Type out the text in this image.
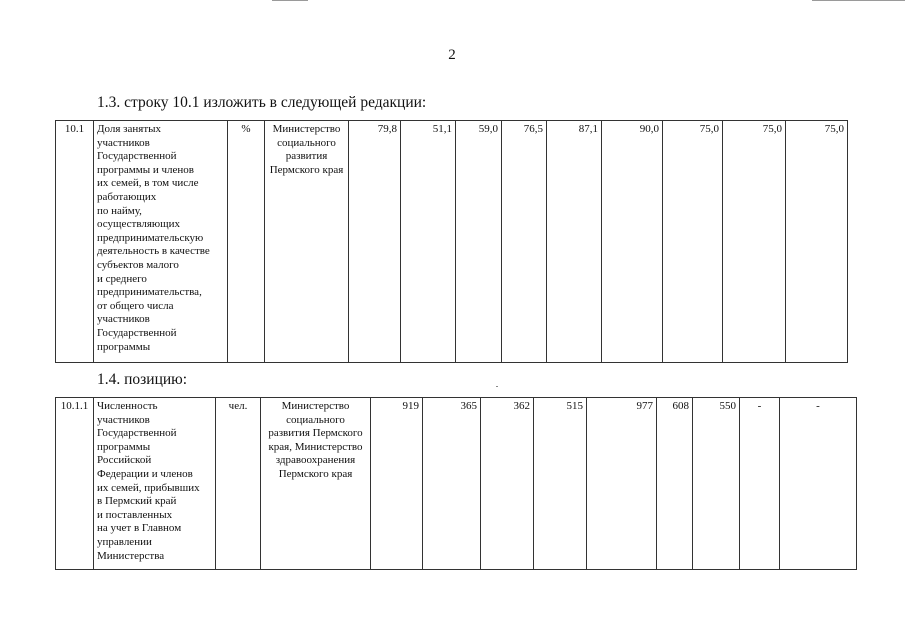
2
1.3. строку 10.1 изложить в следующей редакции:
10.1	Доля занятых
участников
Государственной
программы и членов
их семей, в том числе
работающих
по найму,
осуществляющих
предпринимательскую
деятельность в качестве
субъектов малого
и среднего
предпринимательства,
от общего числа
участников
Государственной
программы	%	Министерство социального развития Пермского края	79,8	51,1	59,0	76,5	87,1	90,0	75,0	75,0	75,0
1.4. позицию:
10.1.1	Численность
участников
Государственной
программы
Российской
Федерации и членов
их семей, прибывших
в Пермский край
и поставленных
на учет в Главном
управлении
Министерства	чел.	Министерство социального развития Пермского края, Министерство здравоохранения Пермского края	919	365	362	515	977	608	550	-	-
